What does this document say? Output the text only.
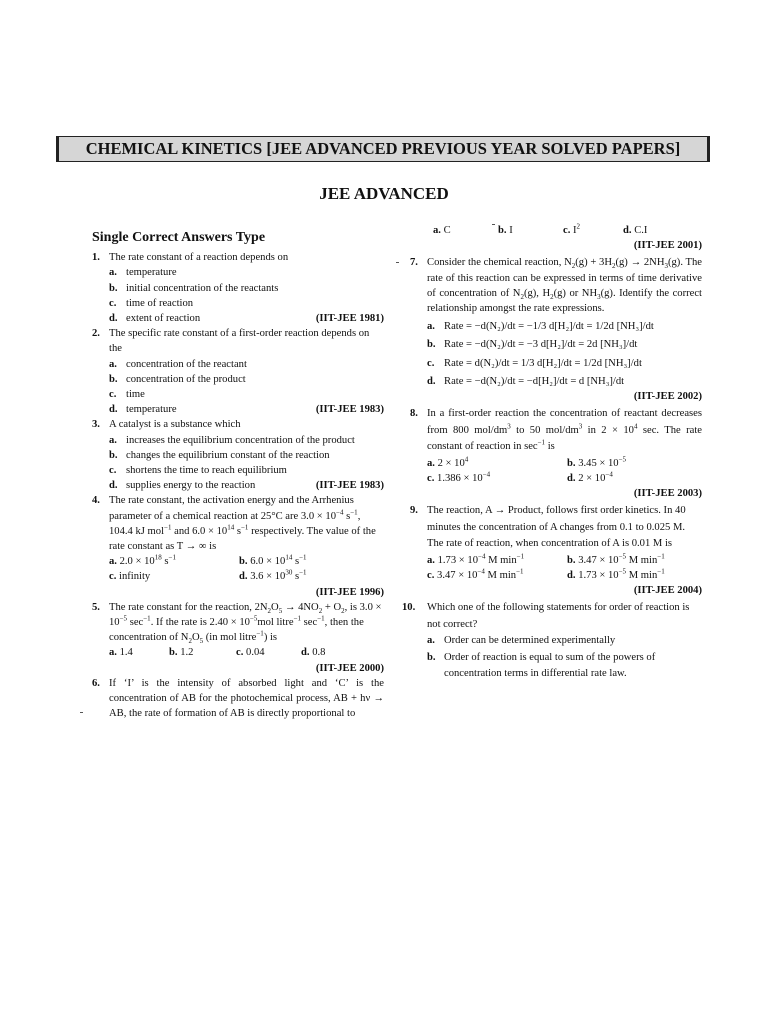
CHEMICAL KINETICS [JEE ADVANCED PREVIOUS YEAR SOLVED PAPERS]
JEE ADVANCED
Single Correct Answers Type
1. The rate constant of a reaction depends on
a. temperature
b. initial concentration of the reactants
c. time of reaction
d. extent of reaction	(IIT-JEE 1981)
2. The specific rate constant of a first-order reaction depends on the
a. concentration of the reactant
b. concentration of the product
c. time
d. temperature	(IIT-JEE 1983)
3. A catalyst is a substance which
a. increases the equilibrium concentration of the product
b. changes the equilibrium constant of the reaction
c. shortens the time to reach equilibrium
d. supplies energy to the reaction	(IIT-JEE 1983)
4. The rate constant, the activation energy and the Arrhenius parameter of a chemical reaction at 25°C are $3.0 \times 10^{-4}$ $s^{-1}$, 104.4 kJ mol$^{-1}$ and $6.0 \times 10^{14}$ $s^{-1}$ respectively. The value of the rate constant as T → ∞ is
a. $2.0 \times 10^{18}$ $s^{-1}$	b. $6.0 \times 10^{14}$ $s^{-1}$
c. infinity	d. $3.6 \times 10^{30}$ $s^{-1}$
(IIT-JEE 1996)
5. The rate constant for the reaction, $2N_2O_5 \to 4NO_2 + O_2$, is $3.0 \times 10^{-5}$ $\sec^{-1}$. If the rate is $2.40 \times 10^{-5}mol$ litre$^{-1}$ $\sec^{-1}$, then the concentration of $N_2O_5$ (in mol litre$^{-1}$) is
a. 1.4	b. 1.2	c. 0.04	d. 0.8
(IIT-JEE 2000)
6. If ‘I’ is the intensity of absorbed light and ‘C’ is the concentration of AB for the photochemical process, AB + hν → AB, the rate of formation of AB is directly proportional to
a. C	b. I	c. $I^2$	d. C.I
(IIT-JEE 2001)
7. Consider the chemical reaction, $N_2(g) + 3H_2(g) \to 2NH_3(g)$. The rate of this reaction can be expressed in terms of time derivative of concentration of $N_2(g)$, $H_2(g)$ or $NH_3(g)$. Identify the correct relationship amongst the rate expressions.
a. Rate = −d(N₂)/dt = −1/3 d[H₂]/dt = 1/2d [NH₃]/dt
b. Rate = −d(N₂)/dt = −3 d[H₂]/dt = 2d [NH₃]/dt
c. Rate = d(N₂)/dt = 1/3 d[H₂]/dt = 1/2d [NH₃]/dt
d. Rate = −d(N₂)/dt = −d[H₂]/dt = d [NH₃]/dt
(IIT-JEE 2002)
8. In a first-order reaction the concentration of reactant decreases from 800 mol/$dm^3$ to 50 mol/$dm^3$ in $2 \times 10^4$ sec. The rate constant of reaction in $\sec^{-1}$ is
a. $2 \times 10^4$	b. $3.45 \times 10^{-5}$
c. $1.386 \times 10^{-4}$	d. $2 \times 10^{-4}$
(IIT-JEE 2003)
9. The reaction, A → Product, follows first order kinetics. In 40 minutes the concentration of A changes from 0.1 to 0.025 M. The rate of reaction, when concentration of A is 0.01 M is
a. $1.73 \times 10^{-4}$ M $\min^{-1}$	b. $3.47 \times 10^{-5}$ M $\min^{-1}$
c. $3.47 \times 10^{-4}$ M $\min^{-1}$	d. $1.73 \times 10^{-5}$ M $\min^{-1}$
(IIT-JEE 2004)
10. Which one of the following statements for order of reaction is not correct?
a. Order can be determined experimentally
b. Order of reaction is equal to sum of the powers of concentration terms in differential rate law.
